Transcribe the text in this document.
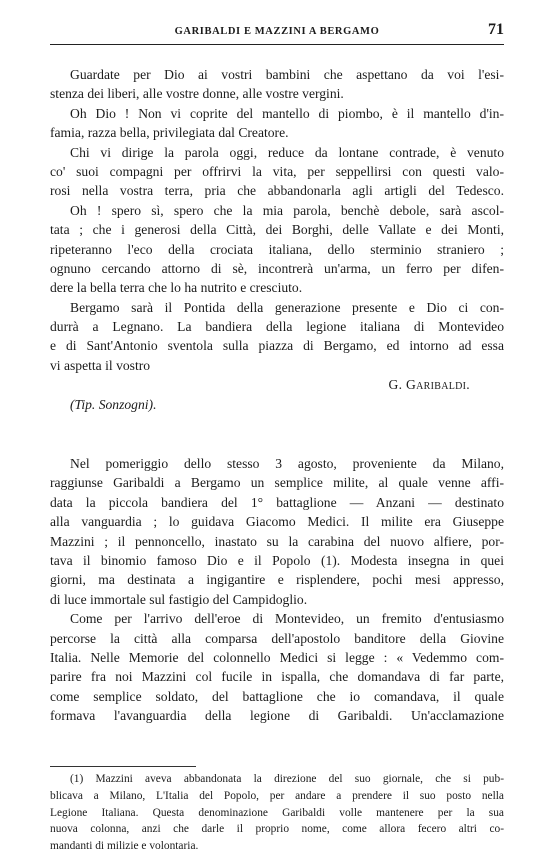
GARIBALDI E MAZZINI A BERGAMO	71

Guardate per Dio ai vostri bambini che aspettano da voi l'esi-

stenza dei liberi, alle vostre donne, alle vostre vergini.

Oh Dio ! Non vi coprite del mantello di piombo, è il mantello d'in-

famia, razza bella, privilegiata dal Creatore.

Chi vi dirige la parola oggi, reduce da lontane contrade, è venuto

co' suoi compagni per offrirvi la vita, per seppellirsi con questi valo-

rosi nella vostra terra, pria che abbandonarla agli artigli del Tedesco.

Oh ! spero sì, spero che la mia parola, benchè debole, sarà ascol-

tata ; che i generosi della Città, dei Borghi, delle Vallate e dei Monti,

ripeteranno l'eco della crociata italiana, dello sterminio straniero ;

ognuno cercando attorno di sè, incontrerà un'arma, un ferro per difen-

dere la bella terra che lo ha nutrito e cresciuto.

Bergamo sarà il Pontida della generazione presente e Dio ci con-

durrà a Legnano. La bandiera della legione italiana di Montevideo

e di Sant'Antonio sventola sulla piazza di Bergamo, ed intorno ad essa

vi aspetta il vostro

G. Garibaldi.
(Tip. Sonzogni).

Nel pomeriggio dello stesso 3 agosto, proveniente da Milano,

raggiunse Garibaldi a Bergamo un semplice milite, al quale venne affi-

data la piccola bandiera del 1° battaglione — Anzani — destinato

alla vanguardia ; lo guidava Giacomo Medici. Il milite era Giuseppe

Mazzini ; il pennoncello, inastato su la carabina del nuovo alfiere, por-

tava il binomio famoso Dio e il Popolo (1). Modesta insegna in quei

giorni, ma destinata a ingigantire e risplendere, pochi mesi appresso,

di luce immortale sul fastigio del Campidoglio.

Come per l'arrivo dell'eroe di Montevideo, un fremito d'entusiasmo

percorse la città alla comparsa dell'apostolo banditore della Giovine

Italia. Nelle Memorie del colonnello Medici si legge : « Vedemmo com-

parire fra noi Mazzini col fucile in ispalla, che domandava di far parte,

come semplice soldato, del battaglione che io comandava, il quale

formava l'avanguardia della legione di Garibaldi. Un'acclamazione

(1) Mazzini aveva abbandonata la direzione del suo giornale, che si pub-

blicava a Milano, L'Italia del Popolo, per andare a prendere il suo posto nella

Legione Italiana. Questa denominazione Garibaldi volle mantenere per la sua

nuova colonna, anzi che darle il proprio nome, come allora fecero altri co-

mandanti di milizie e volontaria.
